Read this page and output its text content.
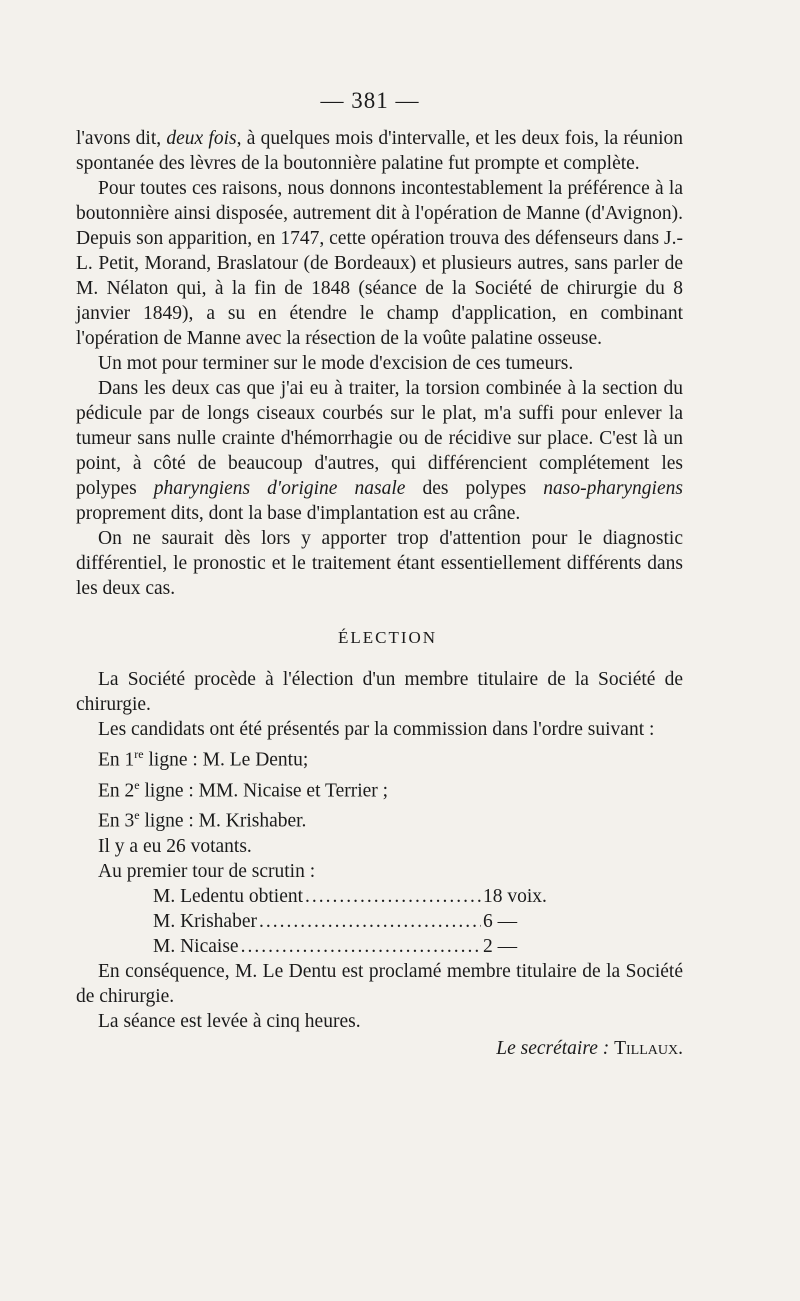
— 381 —

l'avons dit, deux fois, à quelques mois d'intervalle, et les deux fois, la réunion spontanée des lèvres de la boutonnière palatine fut prompte et complète.

Pour toutes ces raisons, nous donnons incontestablement la préférence à la boutonnière ainsi disposée, autrement dit à l'opération de Manne (d'Avignon). Depuis son apparition, en 1747, cette opération trouva des défenseurs dans J.-L. Petit, Morand, Braslatour (de Bordeaux) et plusieurs autres, sans parler de M. Nélaton qui, à la fin de 1848 (séance de la Société de chirurgie du 8 janvier 1849), a su en étendre le champ d'application, en combinant l'opération de Manne avec la résection de la voûte palatine osseuse.

Un mot pour terminer sur le mode d'excision de ces tumeurs.

Dans les deux cas que j'ai eu à traiter, la torsion combinée à la section du pédicule par de longs ciseaux courbés sur le plat, m'a suffi pour enlever la tumeur sans nulle crainte d'hémorrhagie ou de récidive sur place. C'est là un point, à côté de beaucoup d'autres, qui différencient complétement les polypes pharyngiens d'origine nasale des polypes naso-pharyngiens proprement dits, dont la base d'implantation est au crâne.

On ne saurait dès lors y apporter trop d'attention pour le diagnostic différentiel, le pronostic et le traitement étant essentiellement différents dans les deux cas.

ÉLECTION

La Société procède à l'élection d'un membre titulaire de la Société de chirurgie.

Les candidats ont été présentés par la commission dans l'ordre suivant :

En 1re ligne : M. Le Dentu;

En 2e ligne : MM. Nicaise et Terrier ;

En 3e ligne : M. Krishaber.

Il y a eu 26 votants.

Au premier tour de scrutin :

M. Ledentu obtient .....	18 voix.
M. Krishaber .....	6 —
M. Nicaise .....	2 —

En conséquence, M. Le Dentu est proclamé membre titulaire de la Société de chirurgie.

La séance est levée à cinq heures.

Le secrétaire : Tillaux.
